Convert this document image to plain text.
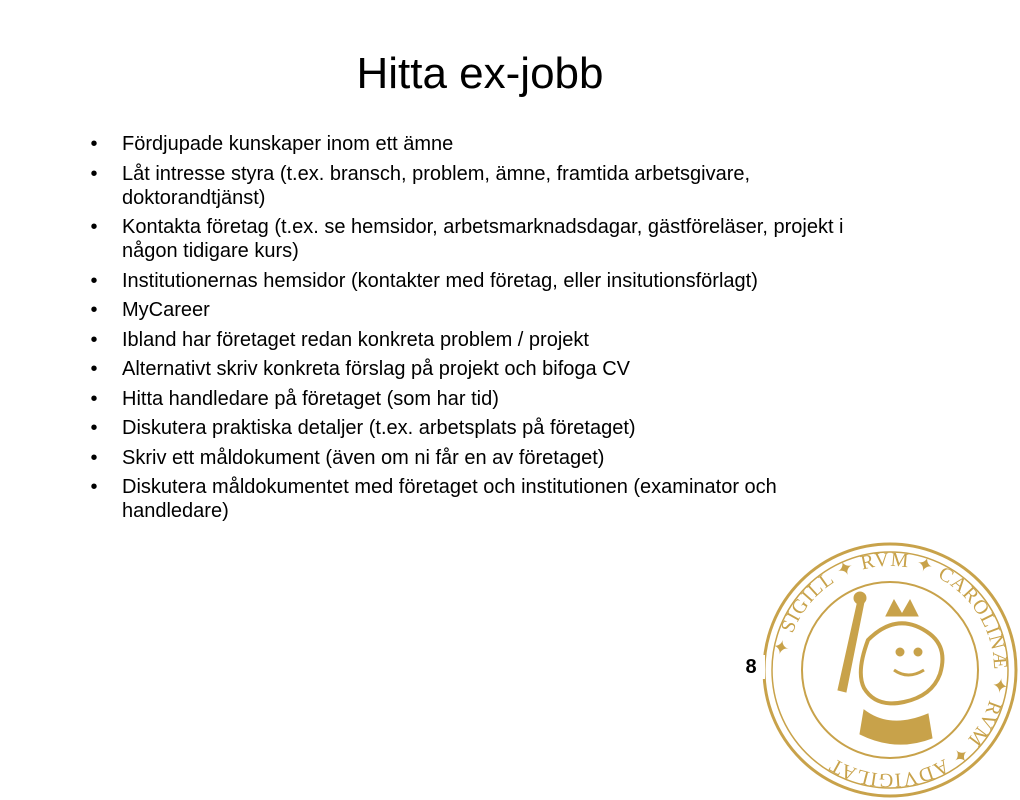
Hitta ex-jobb
•	Fördjupade kunskaper inom ett ämne
•	Låt intresse styra (t.ex. bransch, problem, ämne, framtida arbetsgivare, doktorandtjänst)
•	Kontakta företag (t.ex. se hemsidor, arbetsmarknadsdagar, gästföreläser, projekt i någon tidigare kurs)
•	Institutionernas hemsidor (kontakter med företag, eller insitutionsförlagt)
•	MyCareer
•	Ibland har företaget redan konkreta problem / projekt
•	Alternativt skriv konkreta förslag på projekt och bifoga CV
•	Hitta handledare på företaget (som har tid)
•	Diskutera praktiska detaljer (t.ex. arbetsplats på företaget)
•	Skriv ett måldokument (även om ni får en av företaget)
•	Diskutera måldokumentet med företaget och institutionen (examinator och handledare)
✦ SIGILL ✦ RVM ✦ CAROLINÆ ✦ RVM ✦ ADVIGILAT
8
